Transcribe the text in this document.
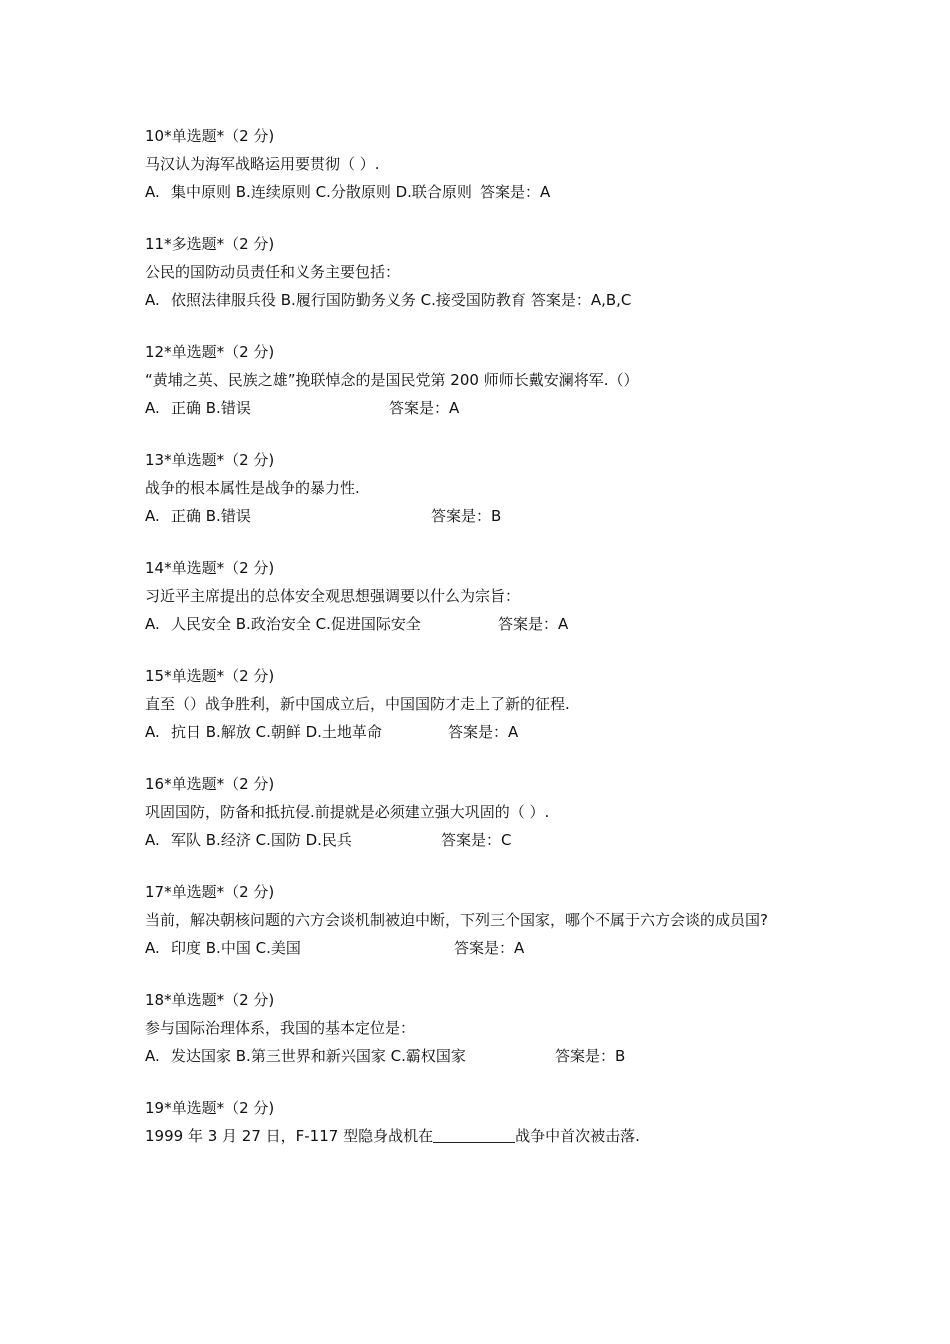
10*单选题*（2 分)
马汉认为海军战略运用要贯彻（ ）.
A. 集中原则 B.连续原则 C.分散原则 D.联合原则 答案是：A
11*多选题*（2 分)
公民的国防动员责任和义务主要包括：
A. 依照法律服兵役 B.履行国防勤务义务 C.接受国防教育 答案是：A,B,C
12*单选题*（2 分)
“黄埔之英、民族之雄”挽联悼念的是国民党第 200 师师长戴安澜将军.（）
A. 正确 B.错误	答案是：A
13*单选题*（2 分)
战争的根本属性是战争的暴力性.
A. 正确 B.错误	答案是：B
14*单选题*（2 分)
习近平主席提出的总体安全观思想强调要以什么为宗旨：
A. 人民安全 B.政治安全 C.促进国际安全	答案是：A
15*单选题*（2 分)
直至（）战争胜利，新中国成立后，中国国防才走上了新的征程.
A. 抗日 B.解放 C.朝鲜 D.土地革命	答案是：A
16*单选题*（2 分)
巩固国防，防备和抵抗侵.前提就是必须建立强大巩固的（ ）.
A. 军队 B.经济 C.国防 D.民兵	答案是：C
17*单选题*（2 分)
当前，解决朝核问题的六方会谈机制被迫中断，下列三个国家，哪个不属于六方会谈的成员国?
A. 印度 B.中国 C.美国	答案是：A
18*单选题*（2 分)
参与国际治理体系，我国的基本定位是：
A. 发达国家 B.第三世界和新兴国家 C.霸权国家	答案是：B
19*单选题*（2 分)
1999 年 3 月 27 日，F-117 型隐身战机在	战争中首次被击落.
